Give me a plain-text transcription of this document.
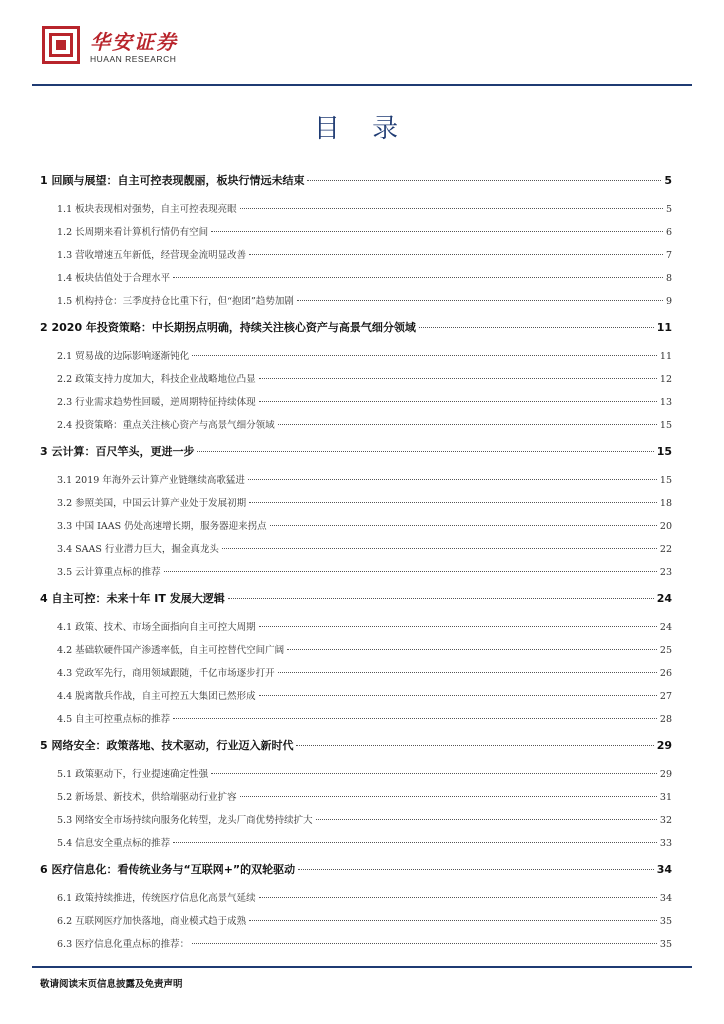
华安证券
HUAAN RESEARCH
目 录
1 回顾与展望：自主可控表现靓丽，板块行情远未结束	5
1.1 板块表现相对强势，自主可控表现亮眼	5
1.2 长周期来看计算机行情仍有空间	6
1.3 营收增速五年新低，经营现金流明显改善	7
1.4 板块估值处于合理水平	8
1.5 机构持仓：三季度持仓比重下行，但“抱团”趋势加剧	9
2 2020 年投资策略：中长期拐点明确，持续关注核心资产与高景气细分领域	11
2.1 贸易战的边际影响逐渐钝化	11
2.2 政策支持力度加大，科技企业战略地位凸显	12
2.3 行业需求趋势性回暖，逆周期特征持续体现	13
2.4 投资策略：重点关注核心资产与高景气细分领域	15
3 云计算：百尺竿头，更进一步	15
3.1 2019 年海外云计算产业链继续高歌猛进	15
3.2 参照美国，中国云计算产业处于发展初期	18
3.3 中国 IAAS 仍处高速增长期，服务器迎来拐点	20
3.4 SAAS 行业潜力巨大，掘金真龙头	22
3.5 云计算重点标的推荐	23
4 自主可控：未来十年 IT 发展大逻辑	24
4.1 政策、技术、市场全面指向自主可控大周期	24
4.2 基础软硬件国产渗透率低，自主可控替代空间广阔	25
4.3 党政军先行，商用领域跟随，千亿市场逐步打开	26
4.4 脱离散兵作战，自主可控五大集团已然形成	27
4.5 自主可控重点标的推荐	28
5 网络安全：政策落地、技术驱动，行业迈入新时代	29
5.1 政策驱动下，行业提速确定性强	29
5.2 新场景、新技术，供给端驱动行业扩容	31
5.3 网络安全市场持续向服务化转型，龙头厂商优势持续扩大	32
5.4 信息安全重点标的推荐	33
6 医疗信息化：看传统业务与“互联网+”的双轮驱动	34
6.1 政策持续推进，传统医疗信息化高景气延续	34
6.2 互联网医疗加快落地，商业模式趋于成熟	35
6.3 医疗信息化重点标的推荐：	35
敬请阅读末页信息披露及免责声明
